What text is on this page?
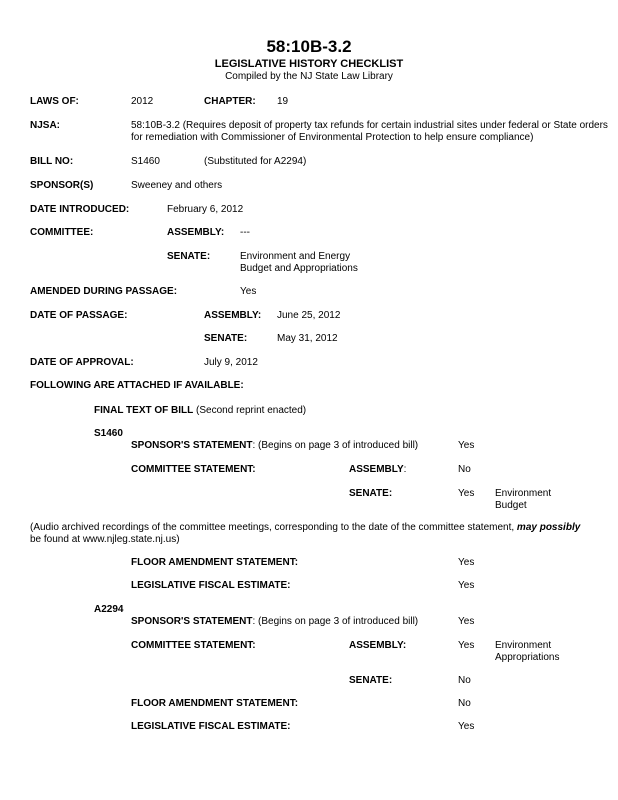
58:10B-3.2
LEGISLATIVE HISTORY CHECKLIST
Compiled by the NJ State Law Library
LAWS OF:	2012	CHAPTER: 19
NJSA:	58:10B-3.2 (Requires deposit of property tax refunds for certain industrial sites under federal or State orders
for remediation with Commissioner of Environmental Protection to help ensure compliance)
BILL NO:	S1460	(Substituted for A2294)
SPONSOR(S)	Sweeney and others
DATE INTRODUCED:	February 6, 2012
COMMITTEE:	ASSEMBLY: ---
SENATE:	Environment and Energy
Budget and Appropriations
AMENDED DURING PASSAGE:	Yes
DATE OF PASSAGE:	ASSEMBLY: June 25, 2012
SENATE:	May 31, 2012
DATE OF APPROVAL:	July 9, 2012
FOLLOWING ARE ATTACHED IF AVAILABLE:
FINAL TEXT OF BILL (Second reprint enacted)
S1460
SPONSOR'S STATEMENT: (Begins on page 3 of introduced bill)	Yes
COMMITTEE STATEMENT:	ASSEMBLY:	No
SENATE:	Yes Environment
Budget
(Audio archived recordings of the committee meetings, corresponding to the date of the committee statement, may possibly
be found at www.njleg.state.nj.us)
FLOOR AMENDMENT STATEMENT:	Yes
LEGISLATIVE FISCAL ESTIMATE:	Yes
A2294
SPONSOR'S STATEMENT: (Begins on page 3 of introduced bill)	Yes
COMMITTEE STATEMENT:	ASSEMBLY:	Yes Environment
Appropriations
SENATE:	No
FLOOR AMENDMENT STATEMENT:	No
LEGISLATIVE FISCAL ESTIMATE:	Yes
